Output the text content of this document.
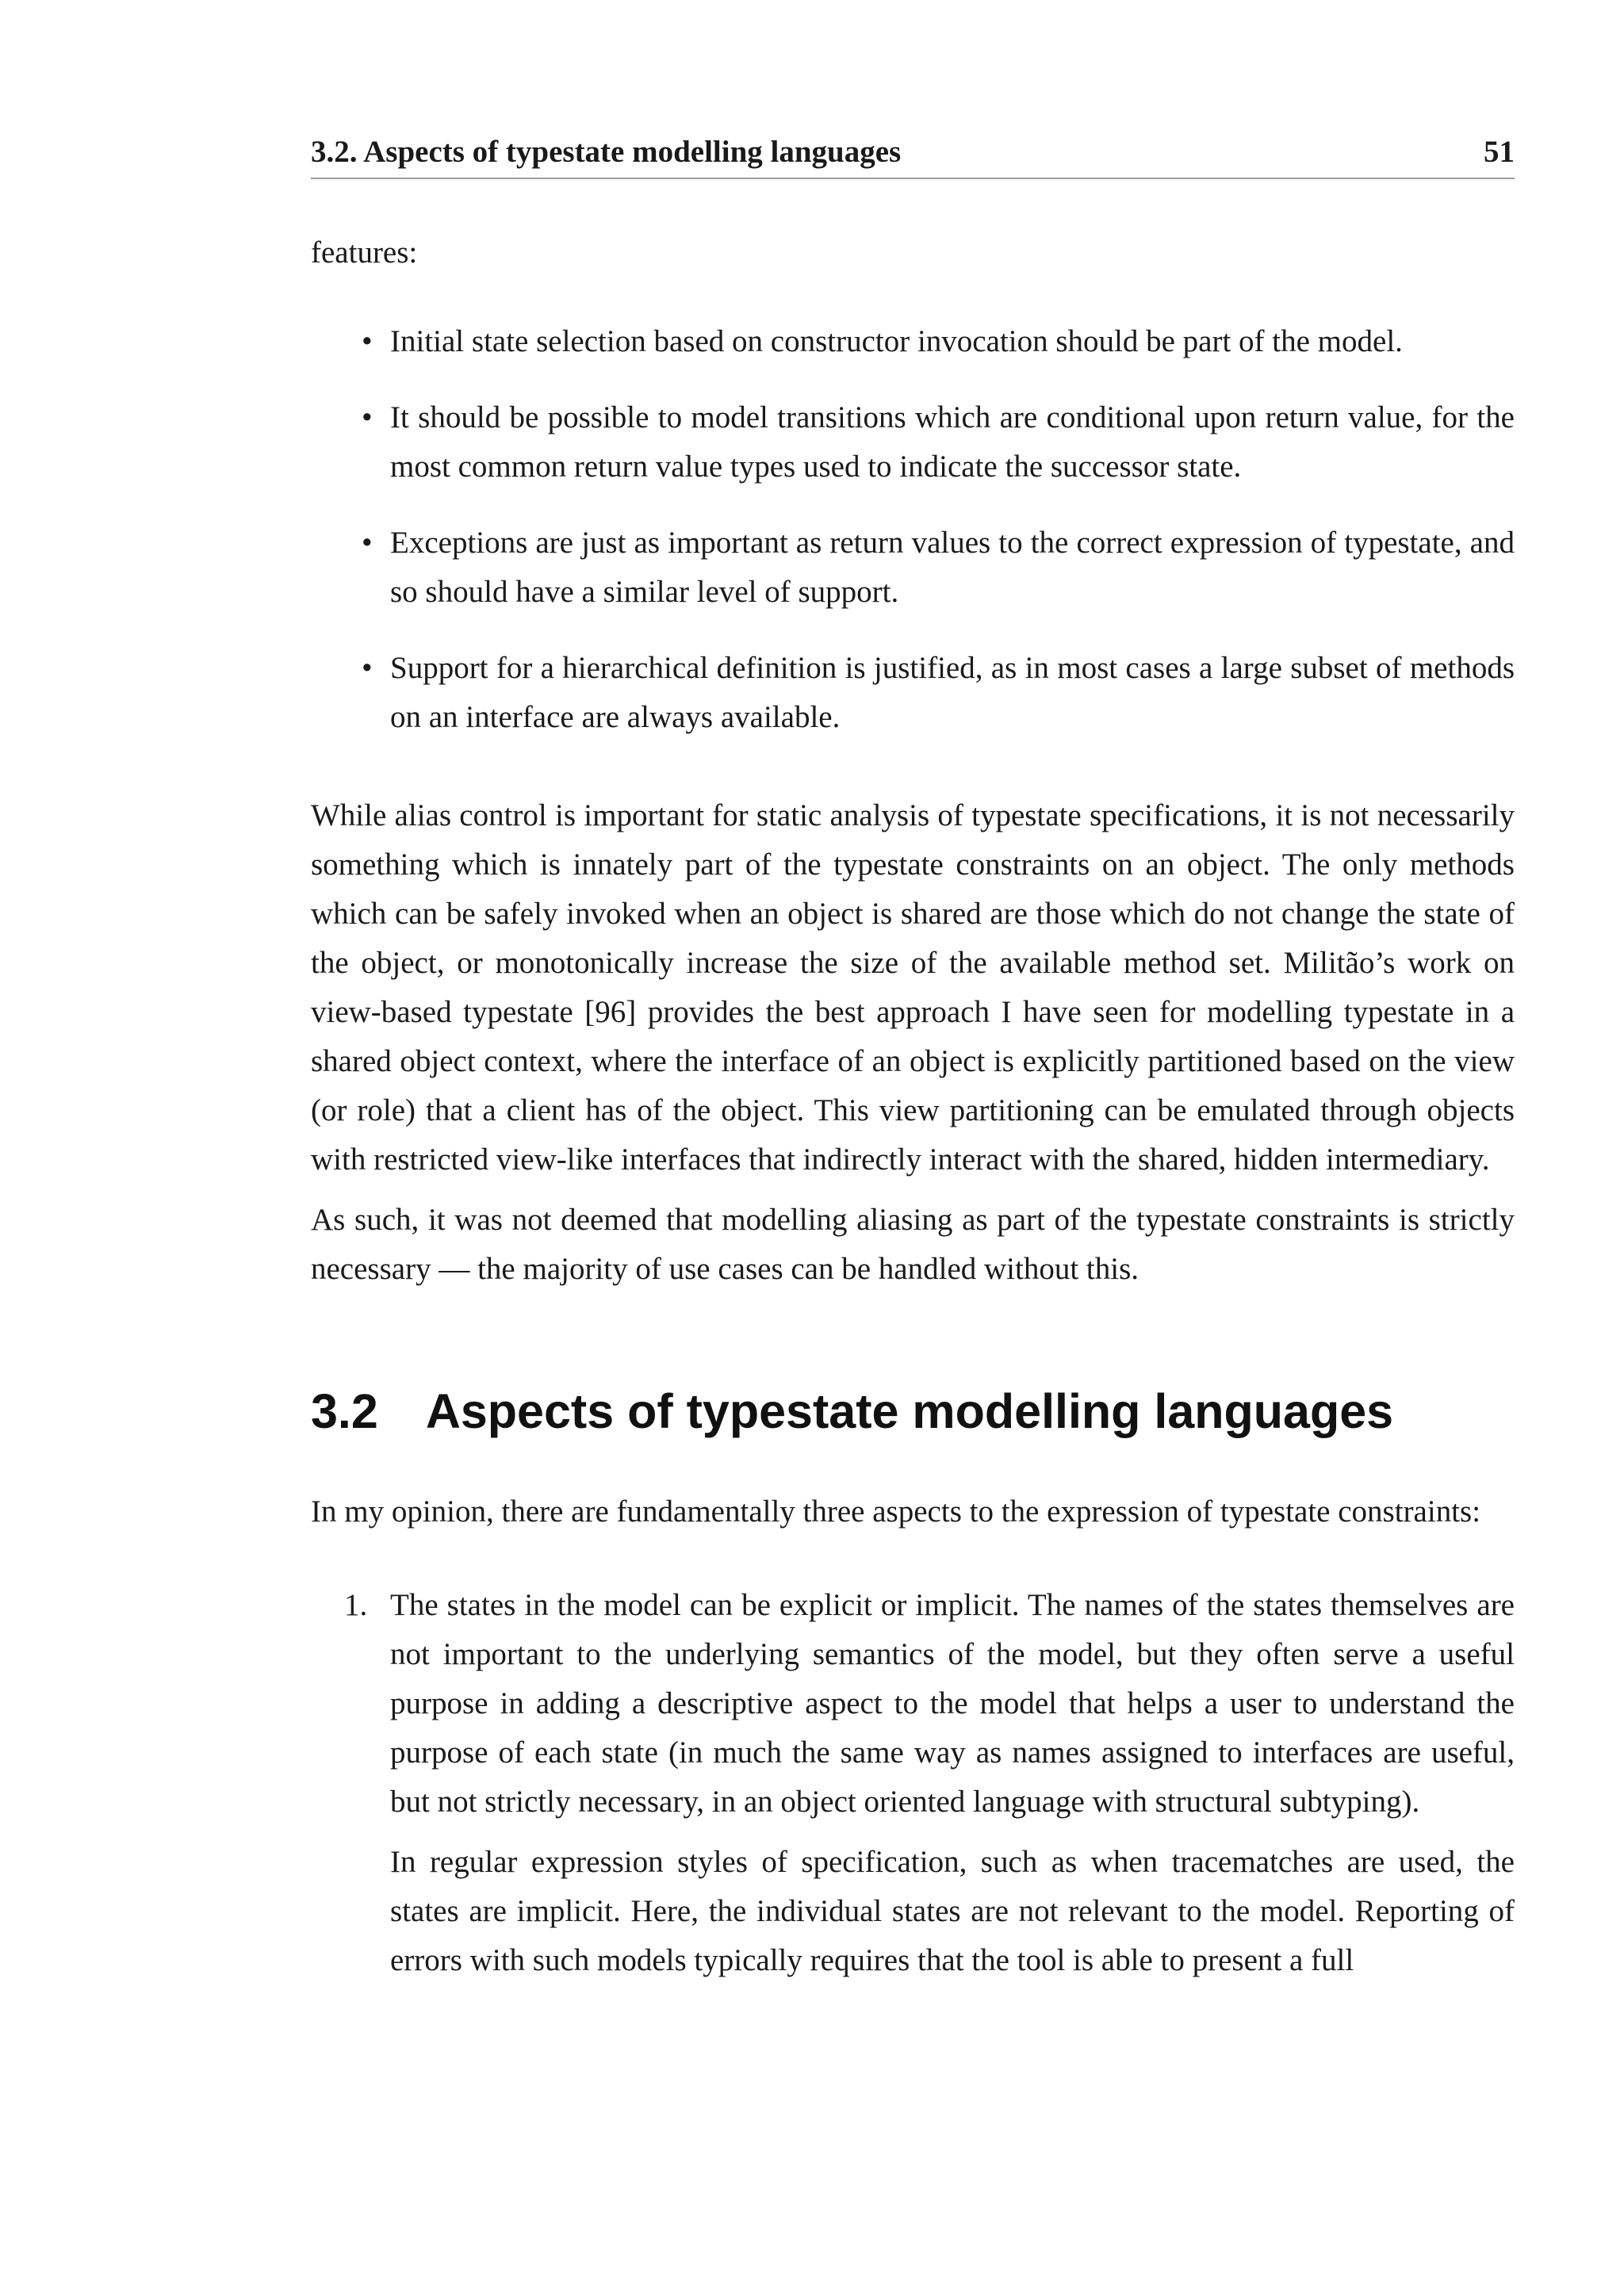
3.2. Aspects of typestate modelling languages	51

features:

• Initial state selection based on constructor invocation should be part of the model.
• It should be possible to model transitions which are conditional upon return value, for the most common return value types used to indicate the successor state.
• Exceptions are just as important as return values to the correct expression of typestate, and so should have a similar level of support.
• Support for a hierarchical definition is justified, as in most cases a large subset of methods on an interface are always available.

While alias control is important for static analysis of typestate specifications, it is not necessarily something which is innately part of the typestate constraints on an object. The only methods which can be safely invoked when an object is shared are those which do not change the state of the object, or monotonically increase the size of the available method set. Militão’s work on view-based typestate [96] provides the best approach I have seen for modelling typestate in a shared object context, where the interface of an object is explicitly partitioned based on the view (or role) that a client has of the object. This view partitioning can be emulated through objects with restricted view-like interfaces that indirectly interact with the shared, hidden intermediary.

As such, it was not deemed that modelling aliasing as part of the typestate constraints is strictly necessary — the majority of use cases can be handled without this.

3.2 Aspects of typestate modelling languages

In my opinion, there are fundamentally three aspects to the expression of typestate constraints:

1. The states in the model can be explicit or implicit. The names of the states themselves are not important to the underlying semantics of the model, but they often serve a useful purpose in adding a descriptive aspect to the model that helps a user to understand the purpose of each state (in much the same way as names assigned to interfaces are useful, but not strictly necessary, in an object oriented language with structural subtyping).

In regular expression styles of specification, such as when tracematches are used, the states are implicit. Here, the individual states are not relevant to the model. Reporting of errors with such models typically requires that the tool is able to present a full
